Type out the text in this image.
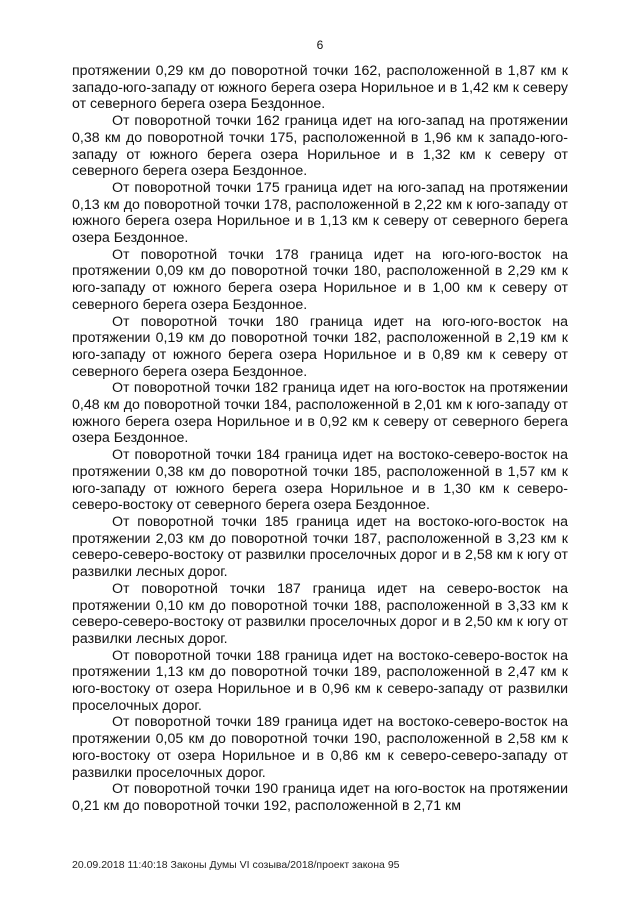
6

протяжении 0,29 км до поворотной точки 162, расположенной в 1,87 км к западо-юго-западу от южного берега озера Норильное и в 1,42 км к северу от северного берега озера Бездонное.

От поворотной точки 162 граница идет на юго-запад на протяжении 0,38 км до поворотной точки 175, расположенной в 1,96 км к западо-юго-западу от южного берега озера Норильное и в 1,32 км к северу от северного берега озера Бездонное.

От поворотной точки 175 граница идет на юго-запад на протяжении 0,13 км до поворотной точки 178, расположенной в 2,22 км к юго-западу от южного берега озера Норильное и в 1,13 км к северу от северного берега озера Бездонное.

От поворотной точки 178 граница идет на юго-юго-восток на протяжении 0,09 км до поворотной точки 180, расположенной в 2,29 км к юго-западу от южного берега озера Норильное и в 1,00 км к северу от северного берега озера Бездонное.

От поворотной точки 180 граница идет на юго-юго-восток на протяжении 0,19 км до поворотной точки 182, расположенной в 2,19 км к юго-западу от южного берега озера Норильное и в 0,89 км к северу от северного берега озера Бездонное.

От поворотной точки 182 граница идет на юго-восток на протяжении 0,48 км до поворотной точки 184, расположенной в 2,01 км к юго-западу от южного берега озера Норильное и в 0,92 км к северу от северного берега озера Бездонное.

От поворотной точки 184 граница идет на востоко-северо-восток на протяжении 0,38 км до поворотной точки 185, расположенной в 1,57 км к юго-западу от южного берега озера Норильное и в 1,30 км к северо-северо-востоку от северного берега озера Бездонное.

От поворотной точки 185 граница идет на востоко-юго-восток на протяжении 2,03 км до поворотной точки 187, расположенной в 3,23 км к северо-северо-востоку от развилки проселочных дорог и в 2,58 км к югу от развилки лесных дорог.

От поворотной точки 187 граница идет на северо-восток на протяжении 0,10 км до поворотной точки 188, расположенной в 3,33 км к северо-северо-востоку от развилки проселочных дорог и в 2,50 км к югу от развилки лесных дорог.

От поворотной точки 188 граница идет на востоко-северо-восток на протяжении 1,13 км до поворотной точки 189, расположенной в 2,47 км к юго-востоку от озера Норильное и в 0,96 км к северо-западу от развилки проселочных дорог.

От поворотной точки 189 граница идет на востоко-северо-восток на протяжении 0,05 км до поворотной точки 190, расположенной в 2,58 км к юго-востоку от озера Норильное и в 0,86 км к северо-северо-западу от развилки проселочных дорог.

От поворотной точки 190 граница идет на юго-восток на протяжении 0,21 км до поворотной точки 192, расположенной в 2,71 км

20.09.2018 11:40:18 Законы Думы VI созыва/2018/проект закона 95
